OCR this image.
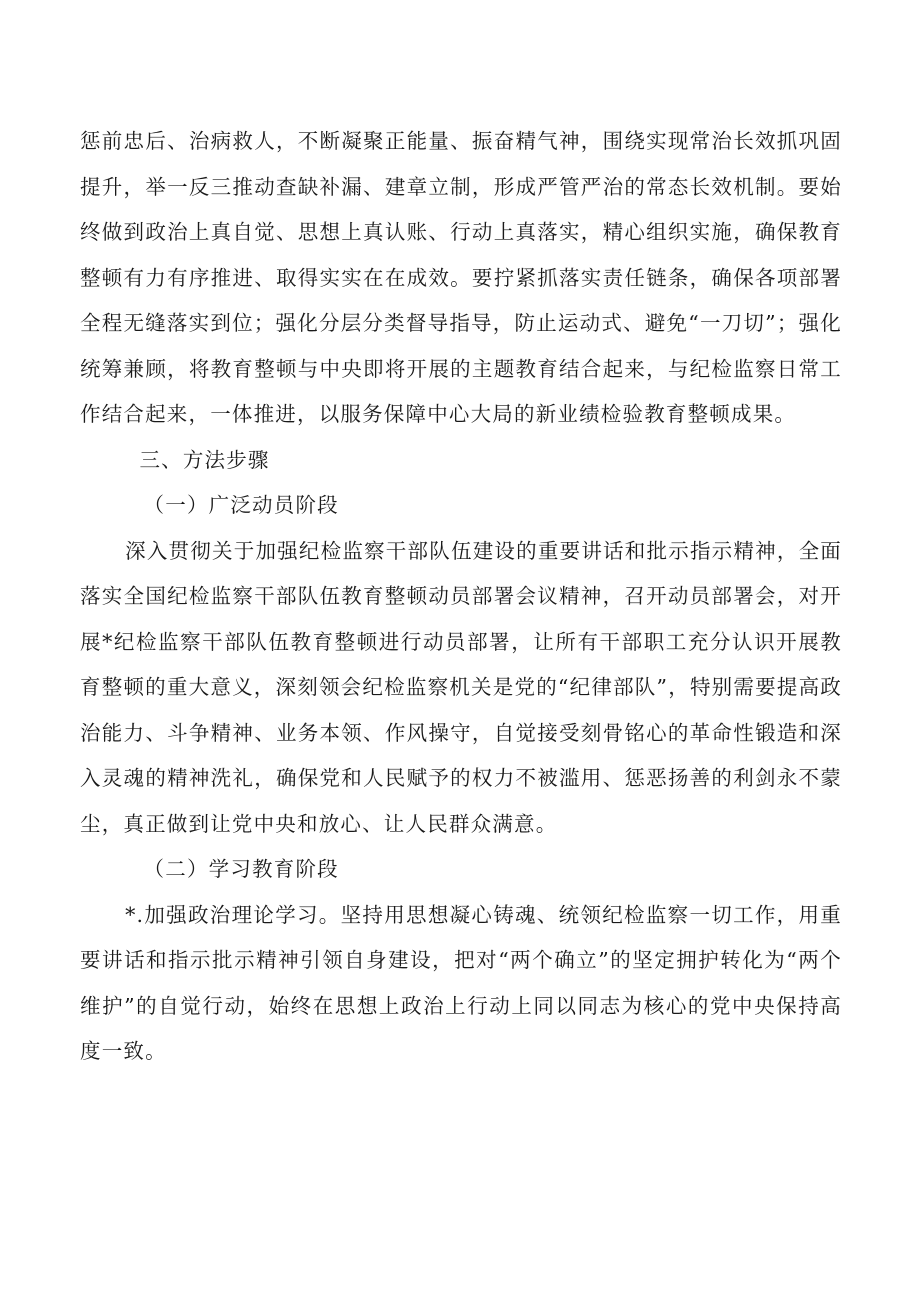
惩前忠后、治病救人，不断凝聚正能量、振奋精气神，围绕实现常治长效抓巩固提升，举一反三推动查缺补漏、建章立制，形成严管严治的常态长效机制。要始终做到政治上真自觉、思想上真认账、行动上真落实，精心组织实施，确保教育整顿有力有序推进、取得实实在在成效。要拧紧抓落实责任链条，确保各项部署全程无缝落实到位；强化分层分类督导指导，防止运动式、避免“一刀切”；强化统筹兼顾，将教育整顿与中央即将开展的主题教育结合起来，与纪检监察日常工作结合起来，一体推进，以服务保障中心大局的新业绩检验教育整顿成果。

三、方法步骤

（一）广泛动员阶段

深入贯彻关于加强纪检监察干部队伍建设的重要讲话和批示指示精神，全面落实全国纪检监察干部队伍教育整顿动员部署会议精神，召开动员部署会，对开展*纪检监察干部队伍教育整顿进行动员部署，让所有干部职工充分认识开展教育整顿的重大意义，深刻领会纪检监察机关是党的“纪律部队”，特别需要提高政治能力、斗争精神、业务本领、作风操守，自觉接受刻骨铭心的革命性锻造和深入灵魂的精神洗礼，确保党和人民赋予的权力不被滥用、惩恶扬善的利剑永不蒙尘，真正做到让党中央和放心、让人民群众满意。

（二）学习教育阶段

*.加强政治理论学习。坚持用思想凝心铸魂、统领纪检监察一切工作，用重要讲话和指示批示精神引领自身建设，把对“两个确立”的坚定拥护转化为“两个维护”的自觉行动，始终在思想上政治上行动上同以同志为核心的党中央保持高度一致。
